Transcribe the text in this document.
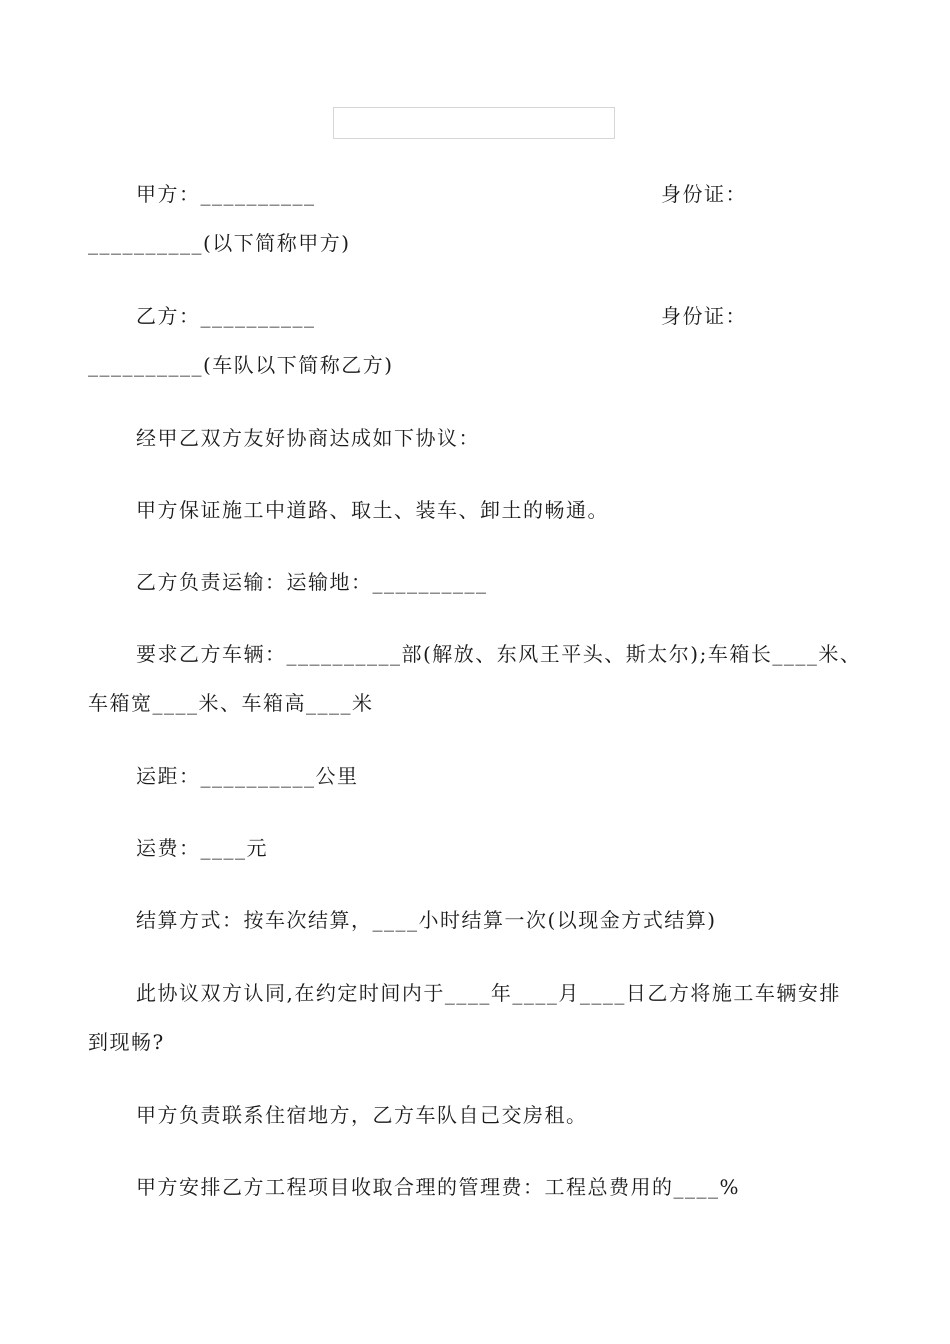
甲方：__________	身份证：
__________(以下简称甲方)
乙方：__________	身份证：
__________(车队以下简称乙方)
经甲乙双方友好协商达成如下协议：
甲方保证施工中道路、取土、装车、卸土的畅通。
乙方负责运输：运输地：__________
要求乙方车辆：__________部(解放、东风王平头、斯太尔);车箱长____米、
车箱宽____米、车箱高____米
运距：__________公里
运费：____元
结算方式：按车次结算，____小时结算一次(以现金方式结算)
此协议双方认同,在约定时间内于____年____月____日乙方将施工车辆安排
到现畅?
甲方负责联系住宿地方，乙方车队自己交房租。
甲方安排乙方工程项目收取合理的管理费：工程总费用的____%
